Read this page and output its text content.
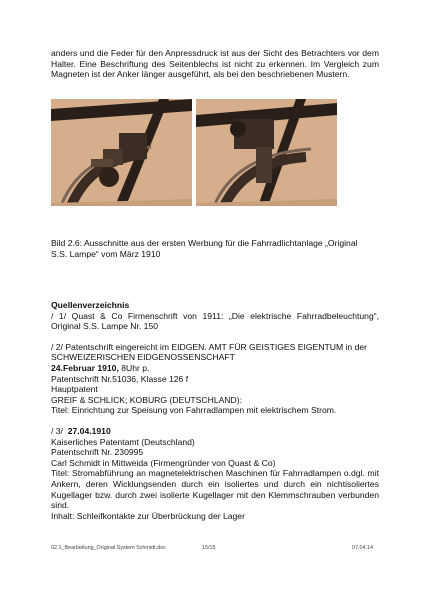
anders und die Feder für den Anpressdruck ist aus der Sicht des Betrachters vor dem Halter. Eine Beschriftung des Seitenblechs ist nicht zu erkennen. Im Vergleich zum Magneten ist der Anker länger ausgeführt, als bei den beschriebenen Mustern.

Bild 2.6: Ausschnitte aus der ersten Werbung für die Fahrradlichtanlage „Original

S.S. Lampe“ vom März 1910

Quellenverzeichnis

/ 1/ Quast & Co Firmenschrift von 1911: „Die elektrische Fahrradbeleuchtung“, Original S.S. Lampe Nr. 150

/ 2/ Patentschrift eingereicht im EIDGEN. AMT FÜR GEISTIGES EIGENTUM in der SCHWEIZERISCHEN EIDGENOSSENSCHAFT

24.Februar 1910, 8Uhr p.

Patentschrift Nr.51036, Klasse 126 f

Hauptpatent

GREIF & SCHLICK; KOBURG (DEUTSCHLAND):

Titel: Einrichtung zur Speisung von Fahrradlampen mit elektrischem Strom.

/ 3/  27.04.1910

Kaiserliches Patentamt (Deutschland)

Patentschrift Nr. 230995

Carl Schmidt in Mittweida (Firmengründer von Quast & Co)

Titel: Stromabführung an magnetelektrischen Maschinen für Fahrradlampen o.dgl. mit Ankern, deren Wicklungsenden durch ein isoliertes und durch ein nichtisoliertes Kugellager bzw. durch zwei isolierte Kugellager mit den Klemmschrauben verbunden sind.

Inhalt: Schleifkontakte zur Überbrückung der Lager

02.1_Bearbeitung_Original System Schmidt.doc	15/15	07.04.14
